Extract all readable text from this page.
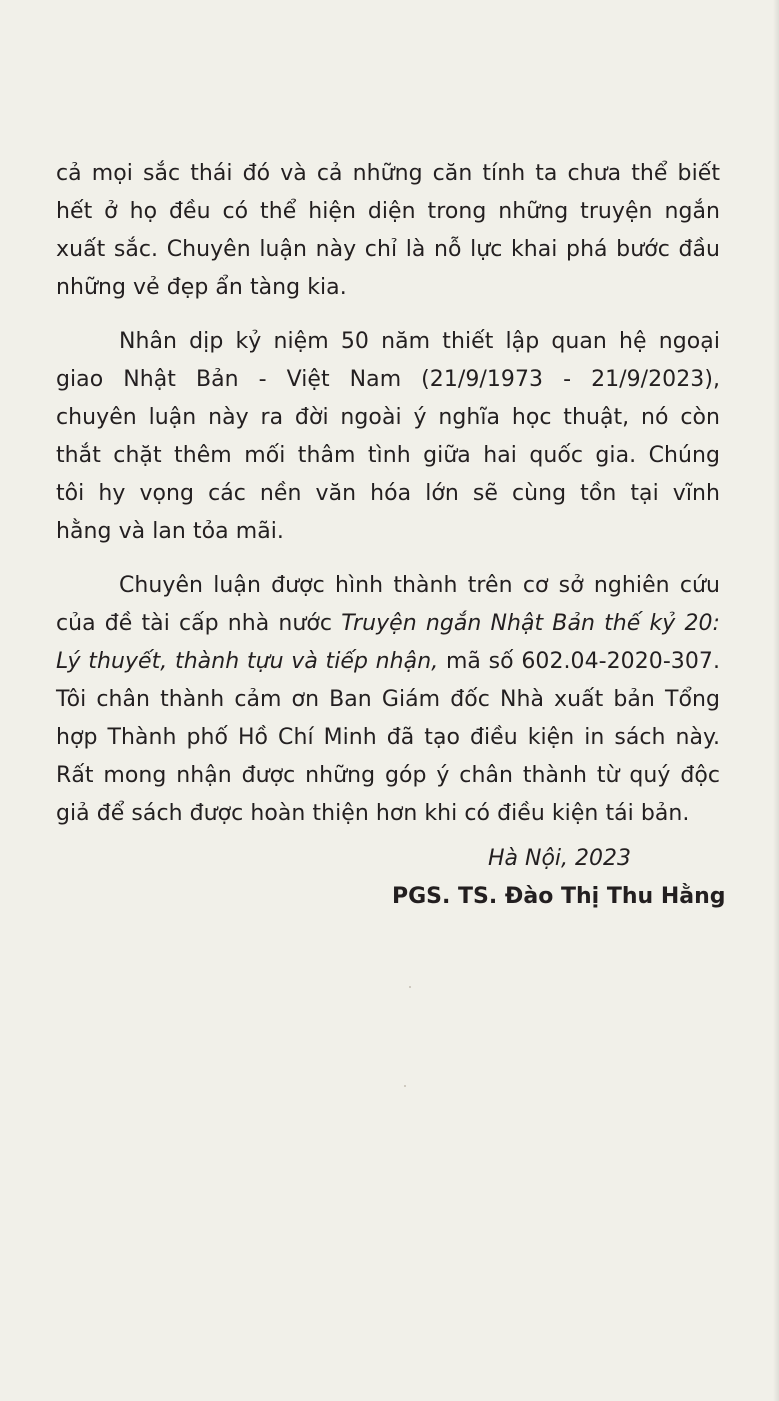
cả mọi sắc thái đó và cả những căn tính ta chưa thể biết
hết ở họ đều có thể hiện diện trong những truyện ngắn
xuất sắc. Chuyên luận này chỉ là nỗ lực khai phá bước đầu
những vẻ đẹp ẩn tàng kia.
Nhân dịp kỷ niệm 50 năm thiết lập quan hệ ngoại
giao Nhật Bản - Việt Nam (21/9/1973 - 21/9/2023),
chuyên luận này ra đời ngoài ý nghĩa học thuật, nó còn
thắt chặt thêm mối thâm tình giữa hai quốc gia. Chúng
tôi hy vọng các nền văn hóa lớn sẽ cùng tồn tại vĩnh
hằng và lan tỏa mãi.
Chuyên luận được hình thành trên cơ sở nghiên cứu
của đề tài cấp nhà nước Truyện ngắn Nhật Bản thế kỷ 20:
Lý thuyết, thành tựu và tiếp nhận, mã số 602.04-2020-307.
Tôi chân thành cảm ơn Ban Giám đốc Nhà xuất bản Tổng
hợp Thành phố Hồ Chí Minh đã tạo điều kiện in sách này.
Rất mong nhận được những góp ý chân thành từ quý độc
giả để sách được hoàn thiện hơn khi có điều kiện tái bản.
Hà Nội, 2023
PGS. TS. Đào Thị Thu Hằng
